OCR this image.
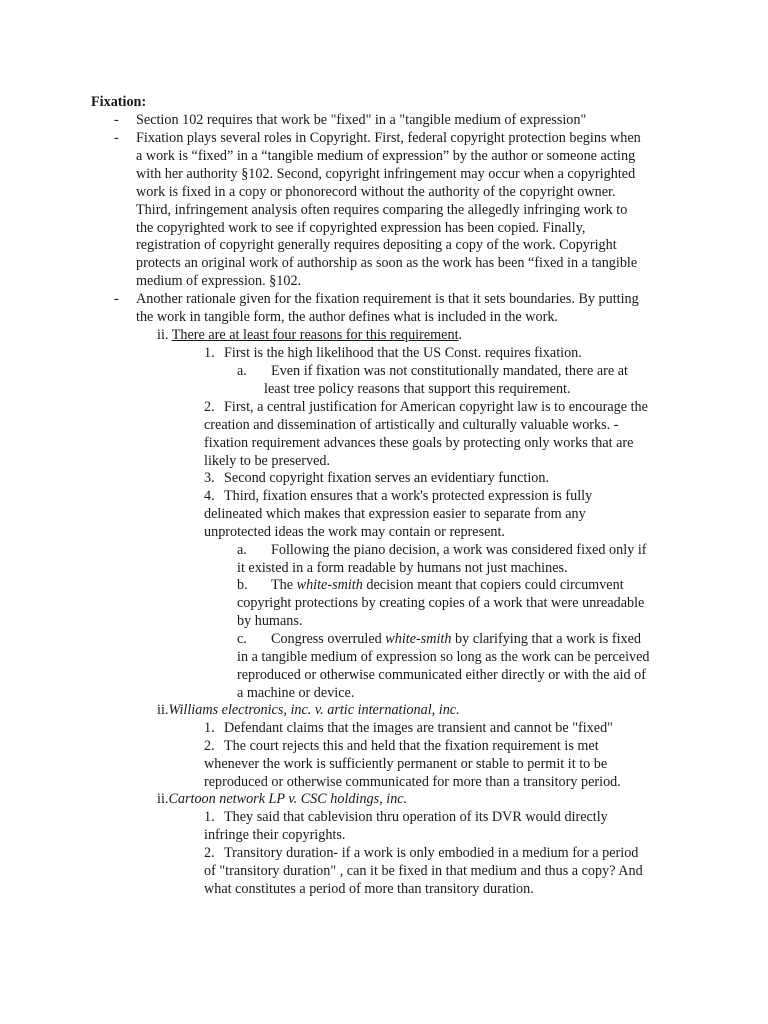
Fixation:
-	Section 102 requires that work be "fixed" in a "tangible medium of expression"
-	Fixation plays several roles in Copyright. First, federal copyright protection begins when
a work is “fixed” in a “tangible medium of expression” by the author or someone acting
with her authority §102. Second, copyright infringement may occur when a copyrighted
work is fixed in a copy or phonorecord without the authority of the copyright owner.
Third, infringement analysis often requires comparing the allegedly infringing work to
the copyrighted work to see if copyrighted expression has been copied. Finally,
registration of copyright generally requires depositing a copy of the work. Copyright
protects an original work of authorship as soon as the work has been “fixed in a tangible
medium of expression. §102.
-	Another rationale given for the fixation requirement is that it sets boundaries. By putting
the work in tangible form, the author defines what is included in the work.
ii. There are at least four reasons for this requirement.
1. First is the high likelihood that the US Const. requires fixation.
a. Even if fixation was not constitutionally mandated, there are at
least tree policy reasons that support this requirement.
2. First, a central justification for American copyright law is to encourage the
creation and dissemination of artistically and culturally valuable works. -
fixation requirement advances these goals by protecting only works that are
likely to be preserved.
3. Second copyright fixation serves an evidentiary function.
4. Third, fixation ensures that a work's protected expression is fully
delineated which makes that expression easier to separate from any
unprotected ideas the work may contain or represent.
a. Following the piano decision, a work was considered fixed only if
it existed in a form readable by humans not just machines.
b. The white-smith decision meant that copiers could circumvent
copyright protections by creating copies of a work that were unreadable
by humans.
c. Congress overruled white-smith by clarifying that a work is fixed
in a tangible medium of expression so long as the work can be perceived
reproduced or otherwise communicated either directly or with the aid of
a machine or device.
ii.Williams electronics, inc. v. artic international, inc.
1. Defendant claims that the images are transient and cannot be "fixed"
2. The court rejects this and held that the fixation requirement is met
whenever the work is sufficiently permanent or stable to permit it to be
reproduced or otherwise communicated for more than a transitory period.
ii.Cartoon network LP v. CSC holdings, inc.
1. They said that cablevision thru operation of its DVR would directly
infringe their copyrights.
2. Transitory duration- if a work is only embodied in a medium for a period
of "transitory duration" , can it be fixed in that medium and thus a copy? And
what constitutes a period of more than transitory duration.
